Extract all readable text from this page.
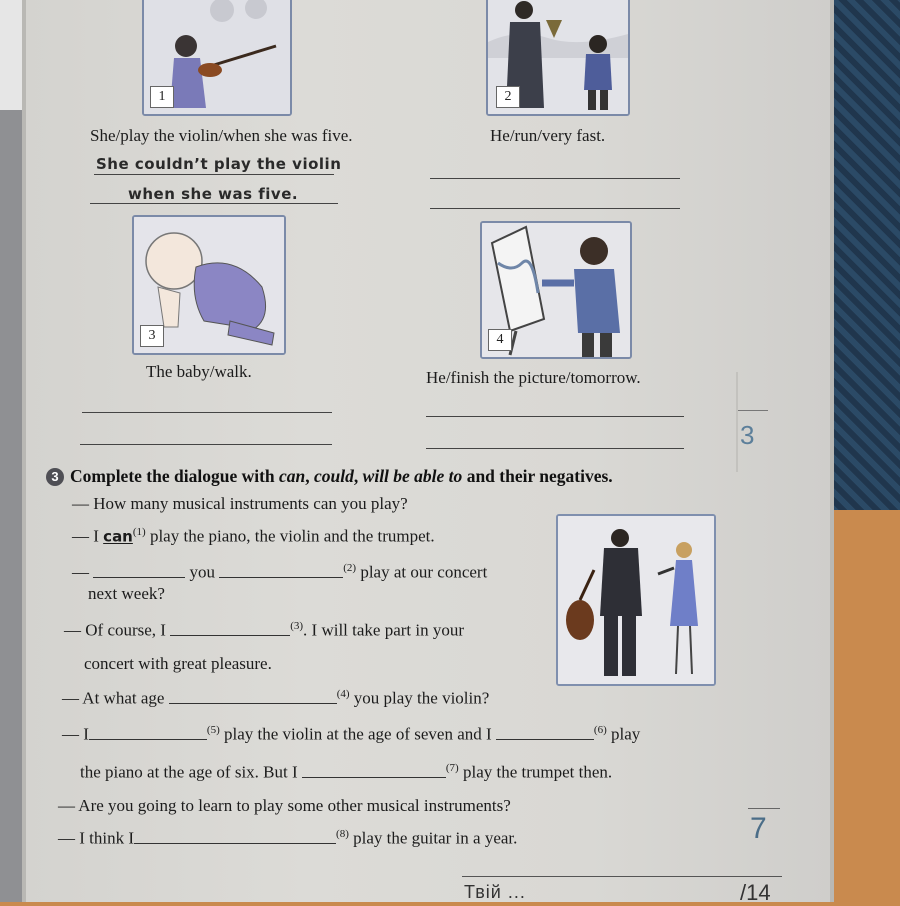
3
7
1	2
3	4
She/play the violin/when she was five.	He/run/very fast.
The baby/walk.	He/finish the picture/tomorrow.
She couldn’t play the violin
when she was five.
3 Complete the dialogue with can, could, will be able to and their negatives.
— How many musical instruments can you play?
— I can$^{(1)}$ play the piano, the violin and the trumpet.
—	you	$^{(2)}$ play at our concert
next week?
— Of course, I	$^{(3)}$. I will take part in your
concert with great pleasure.
— At what age	$^{(4)}$ you play the violin?
— I	$^{(5)}$ play the violin at the age of seven and I	$^{(6)}$ play
the piano at the age of six. But I	$^{(7)}$ play the trumpet then.
— Are you going to learn to play some other musical instruments?
— I think I	$^{(8)}$ play the guitar in a year.
Твій ...	/14
